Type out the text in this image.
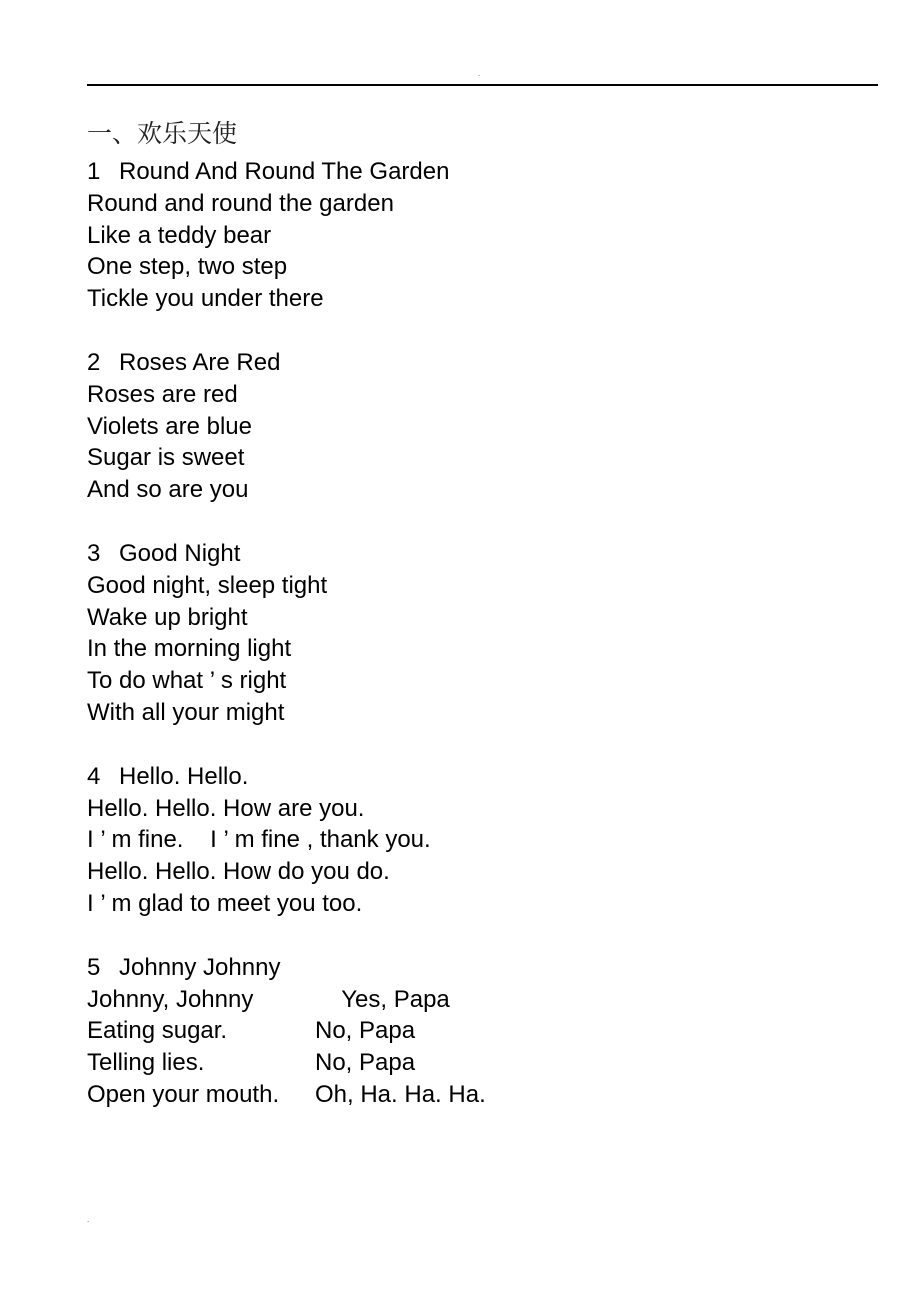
.
一、欢乐天使
1 Round And Round The Garden
Round and round the garden
Like a teddy bear
One step, two step
Tickle you under there
2 Roses Are Red
Roses are red
Violets are blue
Sugar is sweet
And so are you
3 Good Night
Good night, sleep tight
Wake up bright
In the morning light
To do what ’ s right
With all your might
4 Hello. Hello.
Hello. Hello. How are you.
I ’ m fine.    I ’ m fine , thank you.
Hello. Hello. How do you do.
I ’ m glad to meet you too.
5 Johnny Johnny
Johnny, Johnny	Yes, Papa
Eating sugar.	No, Papa
Telling lies.	No, Papa
Open your mouth.	Oh, Ha. Ha. Ha.
.
